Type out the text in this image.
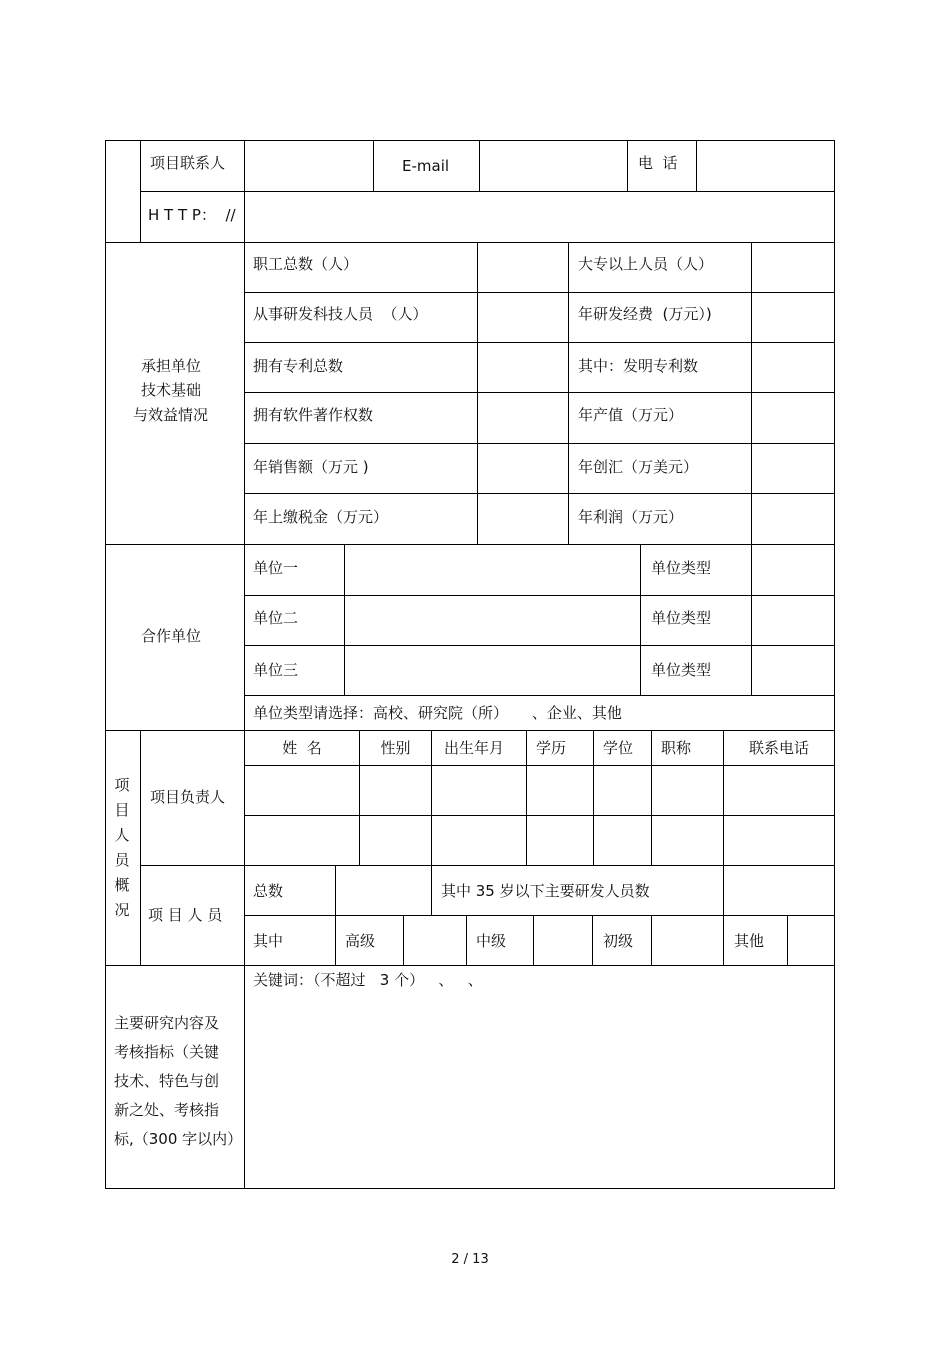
项目联系人	E-mail	电  话
H T T P：  //
承担单位
技术基础
与效益情况
职工总数（人）	大专以上人员（人）
从事研发科技人员  （人）	年研发经费  (万元）)
拥有专利总数	其中：发明专利数
拥有软件著作权数	年产值（万元）
年销售额（万元 )	年创汇（万美元）
年上缴税金（万元）	年利润（万元）
合作单位
单位一	单位类型
单位二	单位类型
单位三	单位类型
单位类型请选择：高校、研究院（所）     、企业、其他
项目人员概况
项目负责人
项 目 人 员
姓  名	性别	出生年月	学历	学位	职称	联系电话
总数	其中 35 岁以下主要研发人员数
其中	高级	中级	初级	其他
主要研究内容及
考核指标（关键
技术、特色与创
新之处、考核指
标,（300 字以内）
关键词：（不超过   3 个）   、   、
2 / 13
